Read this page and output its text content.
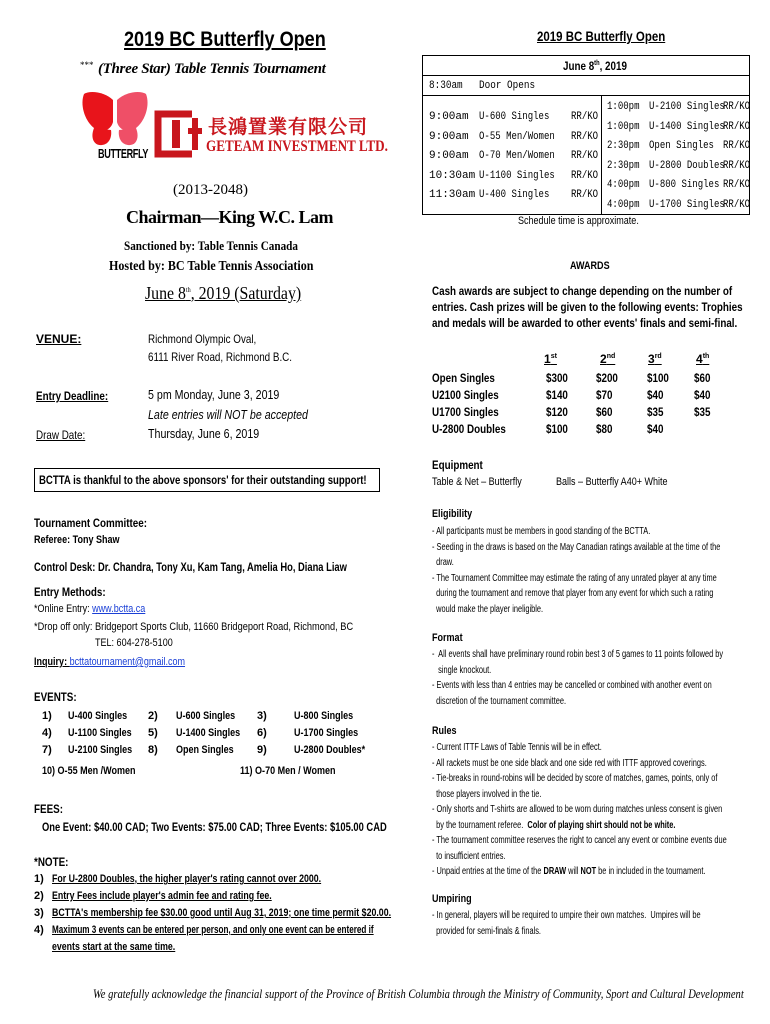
2019 BC Butterfly Open
*** (Three Star) Table Tennis Tournament
BUTTERFLY
長鴻置業有限公司
GETEAM INVESTMENT LTD.
(2013-2048)
Chairman—King W.C. Lam
Sanctioned by: Table Tennis Canada
Hosted by: BC Table Tennis Association
June 8th, 2019 (Saturday)
VENUE:	Richmond Olympic Oval,
6111 River Road, Richmond B.C.
Entry Deadline:	5 pm Monday, June 3, 2019
Late entries will NOT be accepted
Draw Date:	Thursday, June 6, 2019
BCTTA is thankful to the above sponsors' for their outstanding support!
Tournament Committee:
Referee: Tony Shaw
Control Desk: Dr. Chandra, Tony Xu, Kam Tang, Amelia Ho, Diana Liaw
Entry Methods:
*Online Entry: www.bctta.ca
*Drop off only: Bridgeport Sports Club, 11660 Bridgeport Road, Richmond, BC
TEL: 604-278-5100
Inquiry: bcttatournament@gmail.com
EVENTS:
1) U-400 Singles 2) U-600 Singles 3) U-800 Singles
4) U-1100 Singles 5) U-1400 Singles 6) U-1700 Singles
7) U-2100 Singles 8) Open Singles 9) U-2800 Doubles*
10) O-55 Men /Women	11) O-70 Men / Women
FEES:
One Event: $40.00 CAD; Two Events: $75.00 CAD; Three Events: $105.00 CAD
*NOTE:
1) For U-2800 Doubles, the higher player's rating cannot over 2000.
2) Entry Fees include player's admin fee and rating fee.
3) BCTTA's membership fee $30.00 good until Aug 31, 2019; one time permit $20.00.
4) Maximum 3 events can be entered per person, and only one event can be entered if
events start at the same time.
2019 BC Butterfly Open
June 8th, 2019
8:30am Door Opens
9:00am U-600 Singles RR/KO
9:00am O-55 Men/Women RR/KO
9:00am O-70 Men/Women RR/KO
10:30am U-1100 Singles RR/KO
11:30am U-400 Singles RR/KO
1:00pm U-2100 Singles
RR/KO
1:00pm U-1400 Singles
RR/KO
2:30pm Open Singles RR/KO
2:30pm U-2800 Doubles
RR/KO
4:00pm U-800 Singles RR/KO
4:00pm U-1700 Singles
RR/KO
Schedule time is approximate.
AWARDS
Cash awards are subject to change depending on the number of entries. Cash prizes will be given to the following events: Trophies and medals will be awarded to other events' finals and semi-final.
1st	2nd	3rd	4th
Open Singles	$300 $200 $100 $60
U2100 Singles	$140 $70	$40	$40
U1700 Singles	$120 $60	$35	$35
U-2800 Doubles	$100 $80	$40
Equipment
Table & Net – Butterfly	Balls – Butterfly A40+ White
Eligibility
- All participants must be members in good standing of the BCTTA.
- Seeding in the draws is based on the May Canadian ratings available at the time of the
draw.
- The Tournament Committee may estimate the rating of any unrated player at any time
during the tournament and remove that player from any event for which such a rating
would make the player ineligible.
Format
-  All events shall have preliminary round robin best 3 of 5 games to 11 points followed by
single knockout.
- Events with less than 4 entries may be cancelled or combined with another event on
discretion of the tournament committee.
Rules
- Current ITTF Laws of Table Tennis will be in effect.
- All rackets must be one side black and one side red with ITTF approved coverings.
- Tie-breaks in round-robins will be decided by score of matches, games, points, only of
those players involved in the tie.
- Only shorts and T-shirts are allowed to be worn during matches unless consent is given
by the tournament referee. Color of playing shirt should not be white.
- The tournament committee reserves the right to cancel any event or combine events due
to insufficient entries.
- Unpaid entries at the time of the DRAW will NOT be in included in the tournament.
Umpiring
- In general, players will be required to umpire their own matches.  Umpires will be
provided for semi-finals & finals.
We gratefully acknowledge the financial support of the Province of British Columbia through the Ministry of Community, Sport and Cultural Development
